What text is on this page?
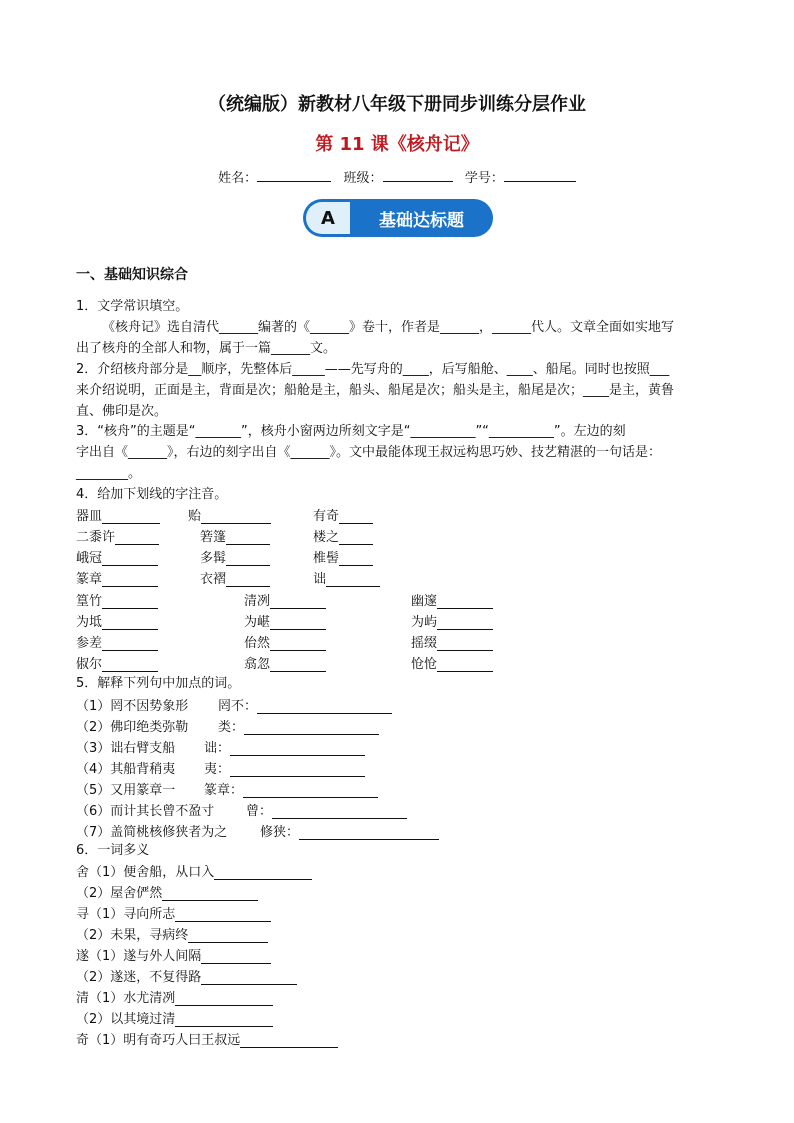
（统编版）新教材八年级下册同步训练分层作业
第 11 课《核舟记》
姓名：	班级：	学号：
A	基础达标题
一、基础知识综合
1．文学常识填空。
《核舟记》选自清代______编著的《______》卷十，作者是______，______代人。文章全面如实地写
出了核舟的全部人和物，属于一篇______文。
2．介绍核舟部分是__顺序，先整体后_____——先写舟的____，后写船舱、____、船尾。同时也按照___
来介绍说明，正面是主，背面是次；船舱是主，船头、船尾是次；船头是主，船尾是次；____是主，黄鲁
直、佛印是次。
3．“核舟”的主题是“_______”，核舟小窗两边所刻文字是“__________”“__________”。左边的刻
字出自《______》，右边的刻字出自《______》。文中最能体现王叔远构思巧妙、技艺精湛的一句话是：
________。
4．给加下划线的字注音。
器皿	贻	有奇
二黍许	箬篷	楼之
峨冠	多髯	椎髻
篆章	衣褶	诎
篁竹	清冽	幽邃
为坻	为嵁	为屿
参差	佁然	摇缀
俶尔	翕忽	怆怆
5．解释下列句中加点的词。
（1）罔不因势象形 罔不：
（2）佛印绝类弥勒 类：
（3）诎右臂支船 诎：
（4）其船背稍夷 夷：
（5）又用篆章一 篆章：
（6）而计其长曾不盈寸 曾：
（7）盖简桃核修狭者为之	修狭：
6．一词多义
舍（1）便舍船，从口入
（2）屋舍俨然
寻（1）寻向所志
（2）未果，寻病终
遂（1）遂与外人间隔
（2）遂迷，不复得路
清（1）水尤清冽
（2）以其境过清
奇（1）明有奇巧人曰王叔远
